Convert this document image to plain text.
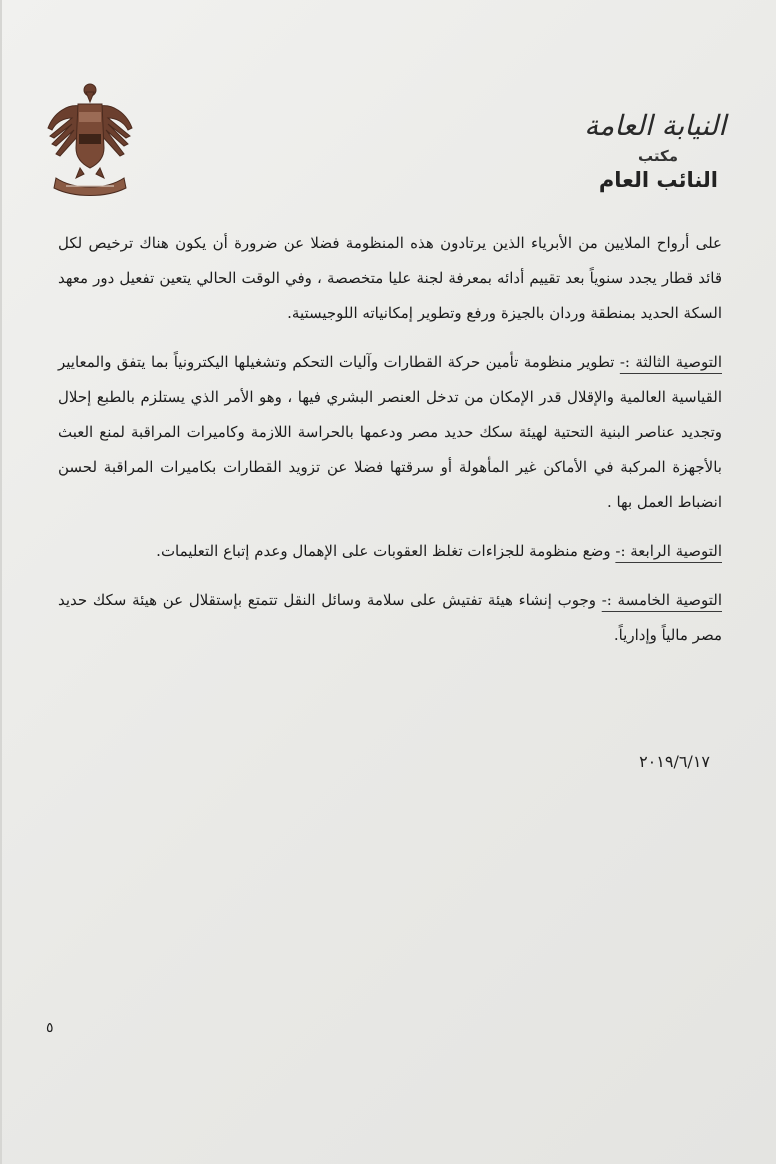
النيابة العامة
مكتب
النائب العام

على أرواح الملايين من الأبرياء الذين يرتادون هذه المنظومة فضلا عن ضرورة أن يكون هناك ترخيص لكل قائد قطار يجدد سنوياً بعد تقييم أدائه بمعرفة لجنة عليا متخصصة ، وفي الوقت الحالي يتعين تفعيل دور معهد السكة الحديد بمنطقة وردان بالجيزة ورفع وتطوير إمكانياته اللوجيستية.

التوصية الثالثة :- تطوير منظومة تأمين حركة القطارات وآليات التحكم وتشغيلها اليكترونياً بما يتفق والمعايير القياسية العالمية والإقلال قدر الإمكان من تدخل العنصر البشري فيها ، وهو الأمر الذي يستلزم بالطبع إحلال وتجديد عناصر البنية التحتية لهيئة سكك حديد مصر ودعمها بالحراسة اللازمة وكاميرات المراقبة لمنع العبث بالأجهزة المركبة في الأماكن غير المأهولة أو سرقتها فضلا عن تزويد القطارات بكاميرات المراقبة لحسن انضباط العمل بها .

التوصية الرابعة :- وضع منظومة للجزاءات تغلظ العقوبات على الإهمال وعدم إتباع التعليمات.

التوصية الخامسة :- وجوب إنشاء هيئة تفتيش على سلامة وسائل النقل تتمتع بإستقلال عن هيئة سكك حديد مصر مالياً وإدارياً.

٢٠١٩/٦/١٧
٥
